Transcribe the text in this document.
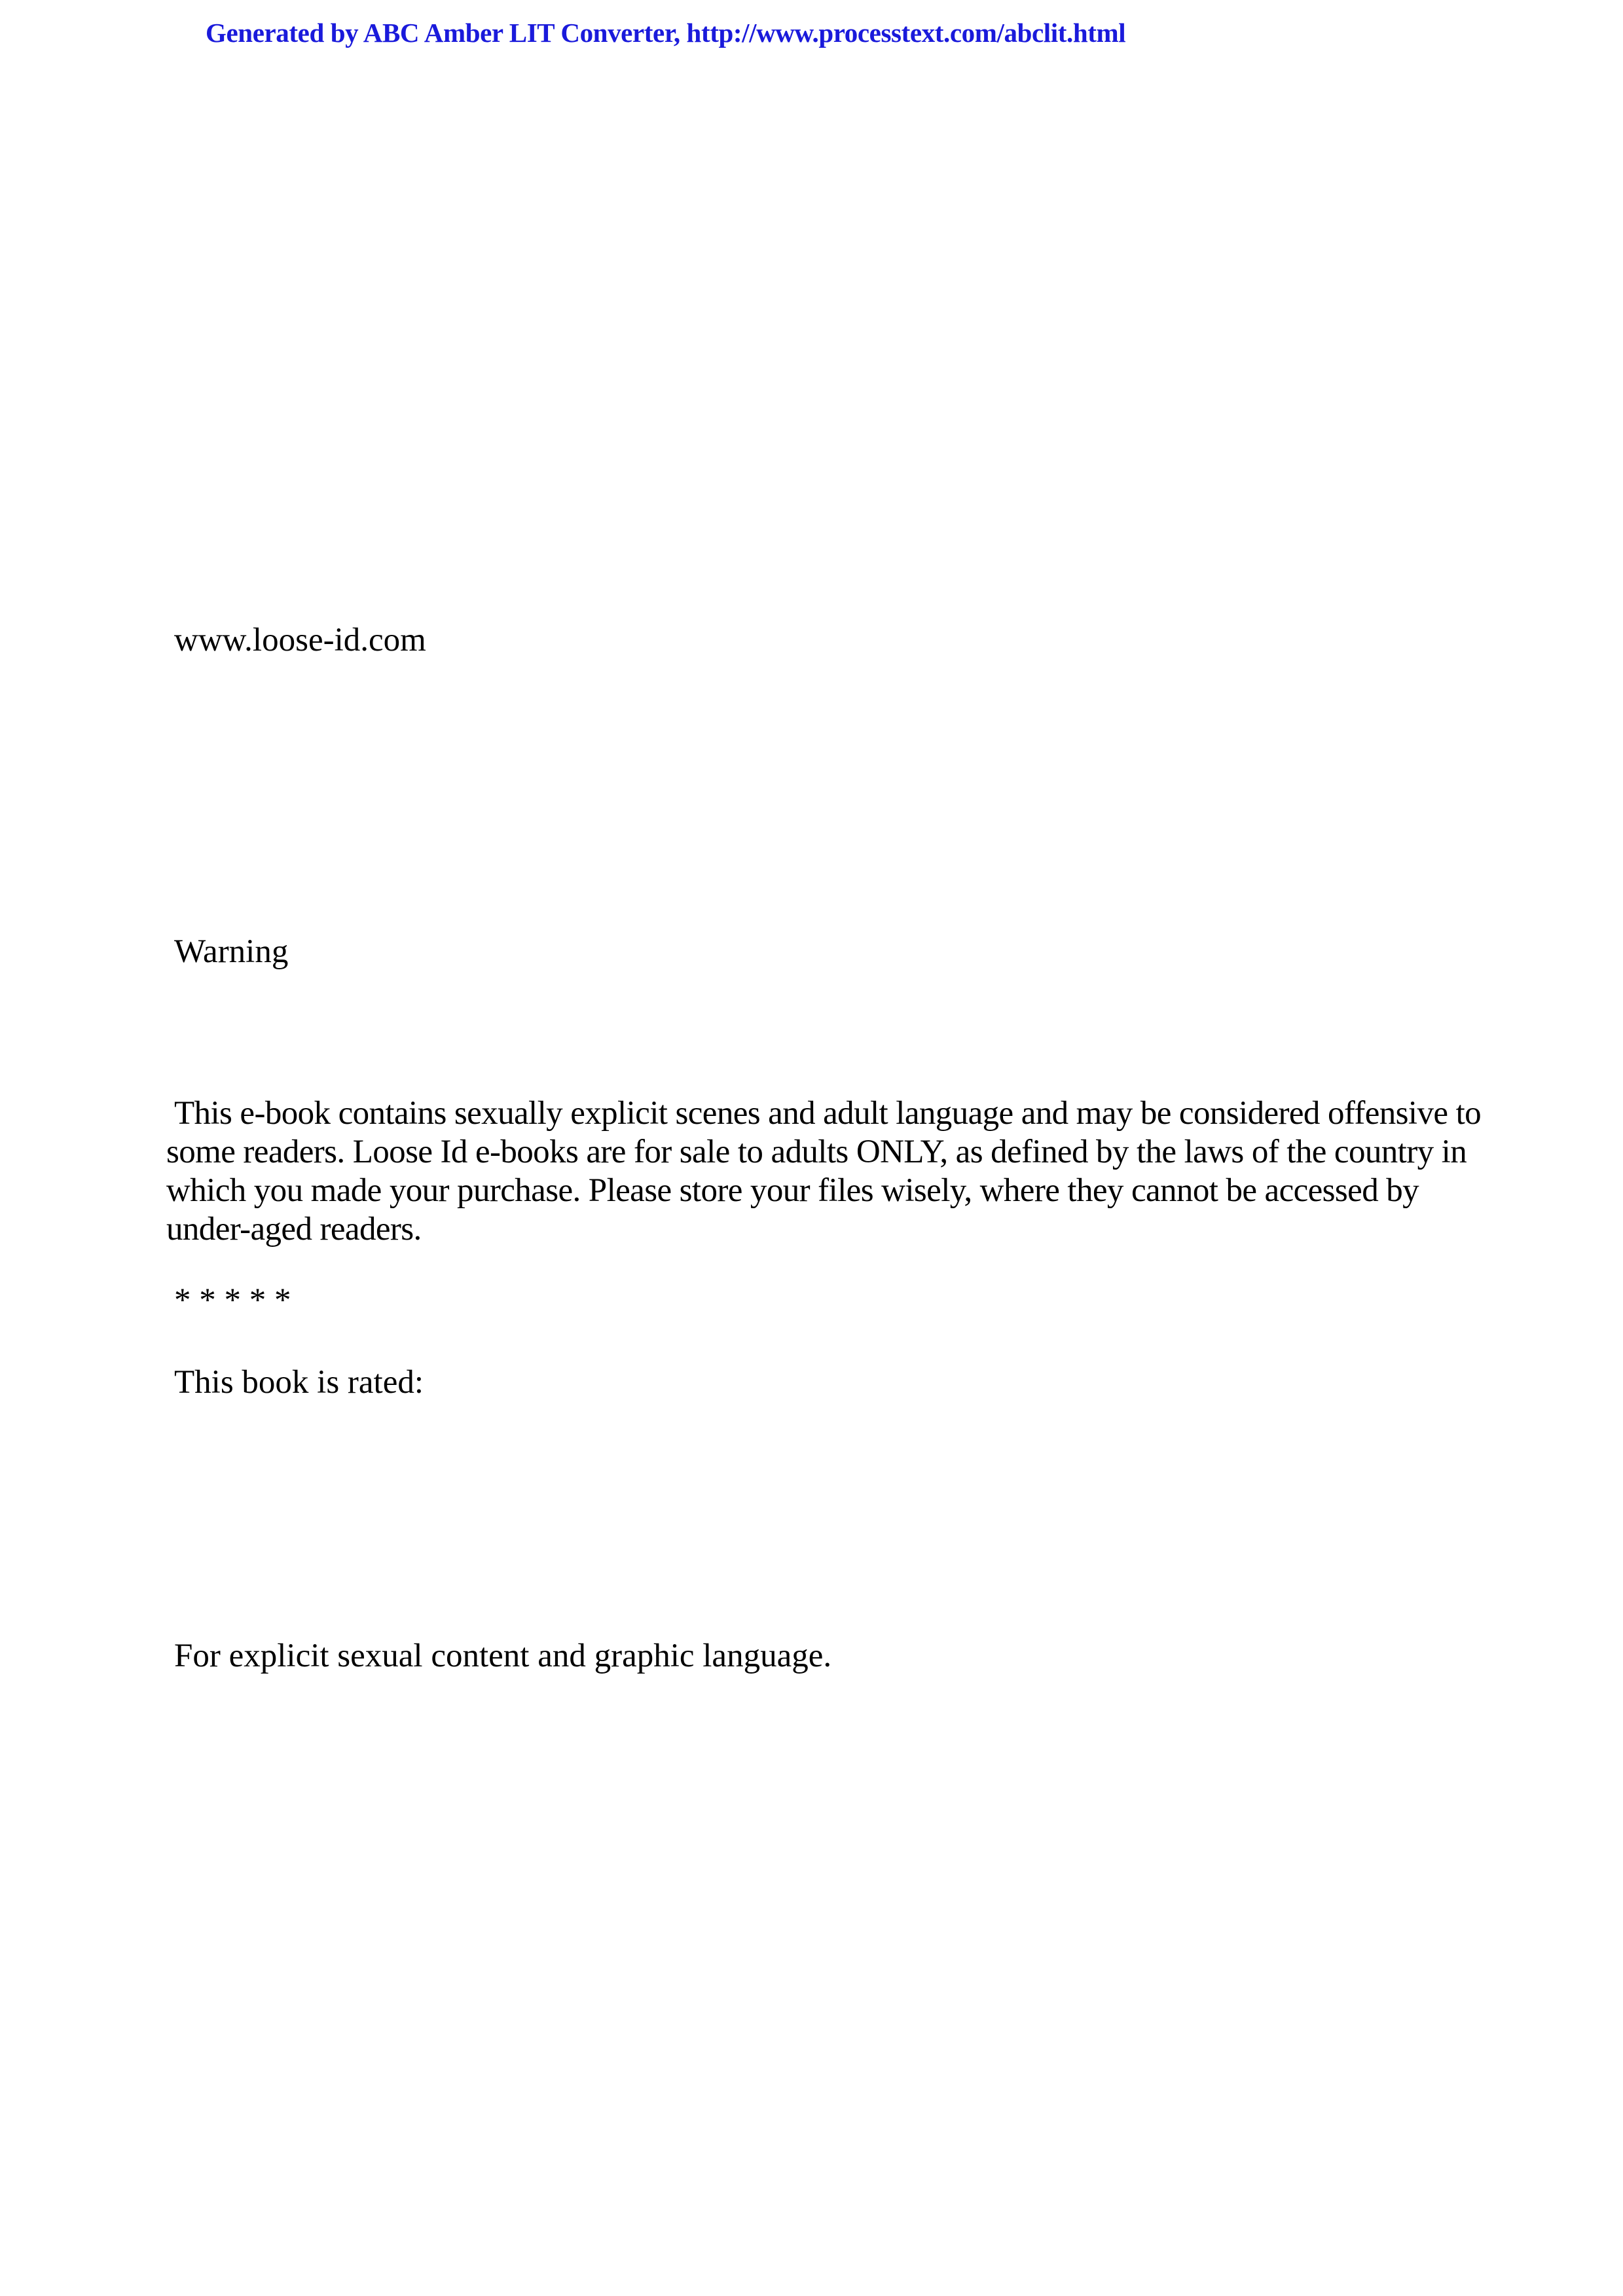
Generated by ABC Amber LIT Converter, http://www.processtext.com/abclit.html
www.loose-id.com
Warning
This e-book contains sexually explicit scenes and adult language and may be considered offensive to
some readers. Loose Id e-books are for sale to adults ONLY, as defined by the laws of the country in
which you made your purchase. Please store your files wisely, where they cannot be accessed by
under-aged readers.
* * * * *
This book is rated:
For explicit sexual content and graphic language.
